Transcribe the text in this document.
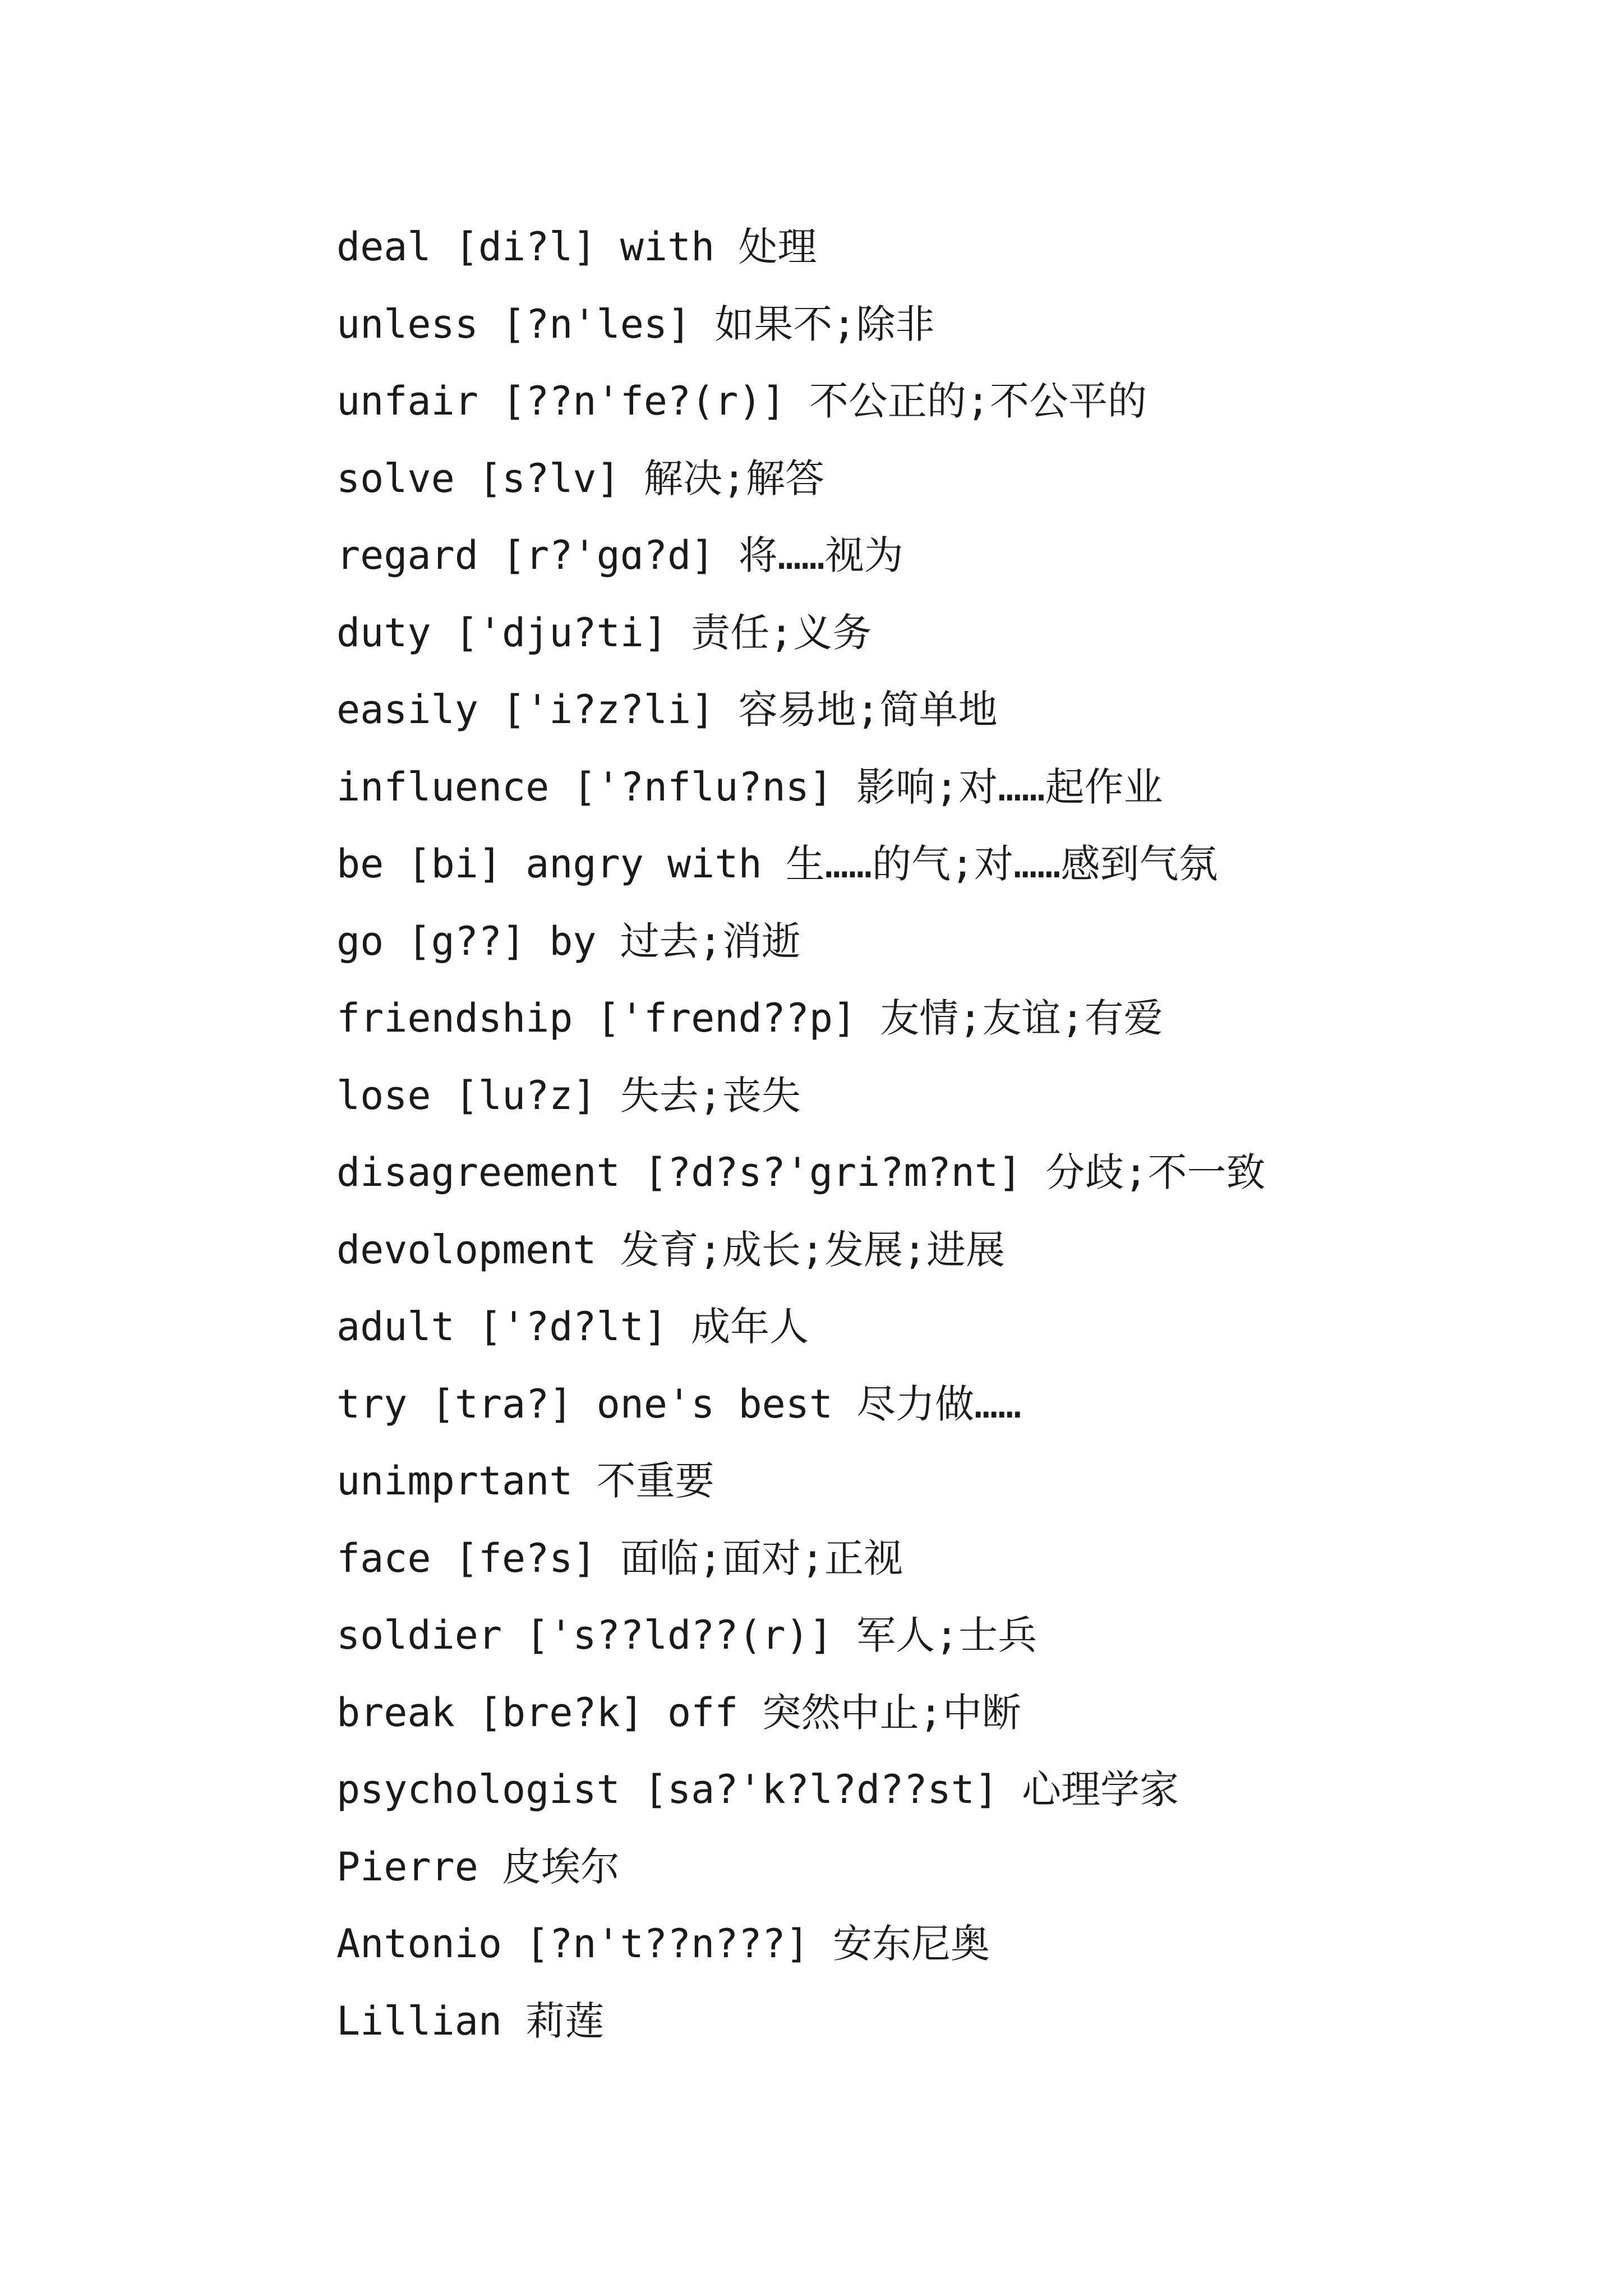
deal [di?l] with 处理
unless [?n'les] 如果不;除非
unfair [??n'fe?(r)] 不公正的;不公平的
solve [s?lv] 解决;解答
regard [r?'gɑ?d] 将……视为
duty ['dju?ti] 责任;义务
easily ['i?z?li] 容易地;简单地
influence ['?nflu?ns] 影响;对……起作业
be [bi] angry with 生……的气;对……感到气氛
go [g??] by 过去;消逝
friendship ['frend??p] 友情;友谊;有爱
lose [lu?z] 失去;丧失
disagreement [?d?s?'gri?m?nt] 分歧;不一致
devolopment 发育;成长;发展;进展
adult ['?d?lt] 成年人
try [tra?] one's best 尽力做……
unimprtant 不重要
face [fe?s] 面临;面对;正视
soldier ['s??ld??(r)] 军人;士兵
break [bre?k] off 突然中止;中断
psychologist [sa?'k?l?d??st] 心理学家
Pierre 皮埃尔
Antonio [?n't??n???] 安东尼奥
Lillian 莉莲
